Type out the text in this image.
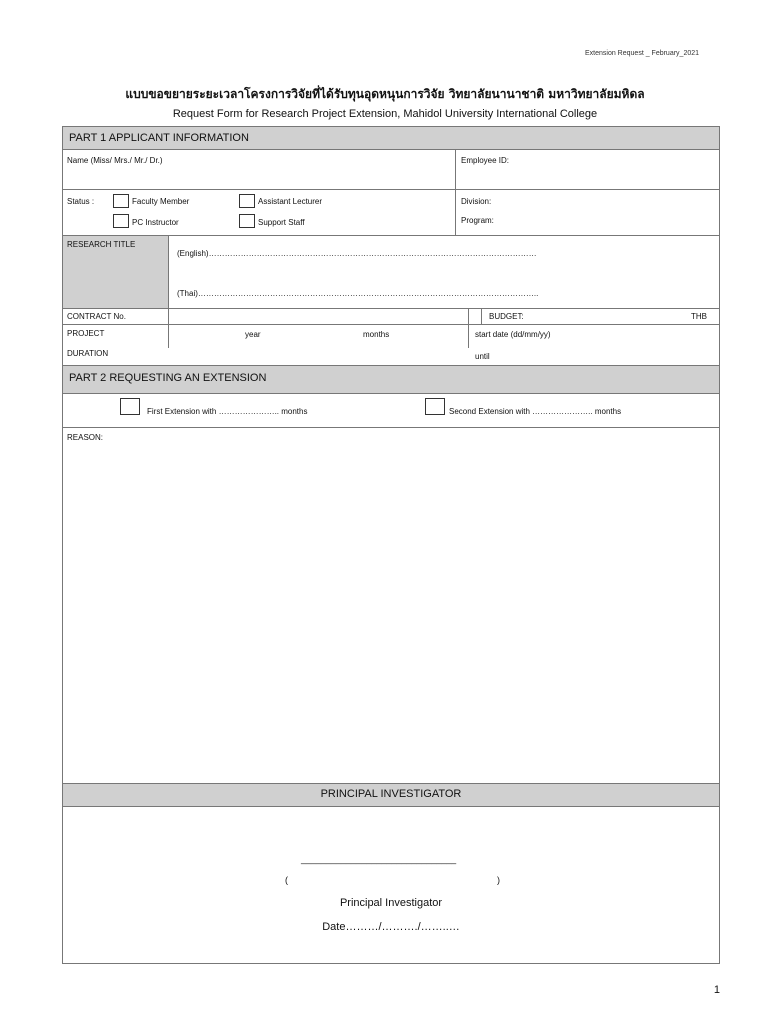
Extension Request _ February_2021
แบบขอขยายระยะเวลาโครงการวิจัยที่ได้รับทุนอุดหนุนการวิจัย วิทยาลัยนานาชาติ มหาวิทยาลัยมหิดล
Request Form for Research Project Extension, Mahidol University International College
PART 1 APPLICANT INFORMATION
Name (Miss/ Mrs./ Mr./ Dr.)	Employee ID:
Status :	Faculty Member	Assistant Lecturer
PC Instructor	Support Staff
Division:
Program:
RESEARCH TITLE
(English)……………………………………………………………………………………………………………
(Thai)………………………………………………………………………………………………………………..
CONTRACT No.	BUDGET:	THB
PROJECT
DURATION
year	months	start date (dd/mm/yy)
until
PART 2 REQUESTING AN EXTENSION
First Extension with ………………….. months	Second Extension with ………………….. months
REASON:
PRINCIPAL INVESTIGATOR
_______________________________
(	)
Principal Investigator
Date………/………./……..…
1
